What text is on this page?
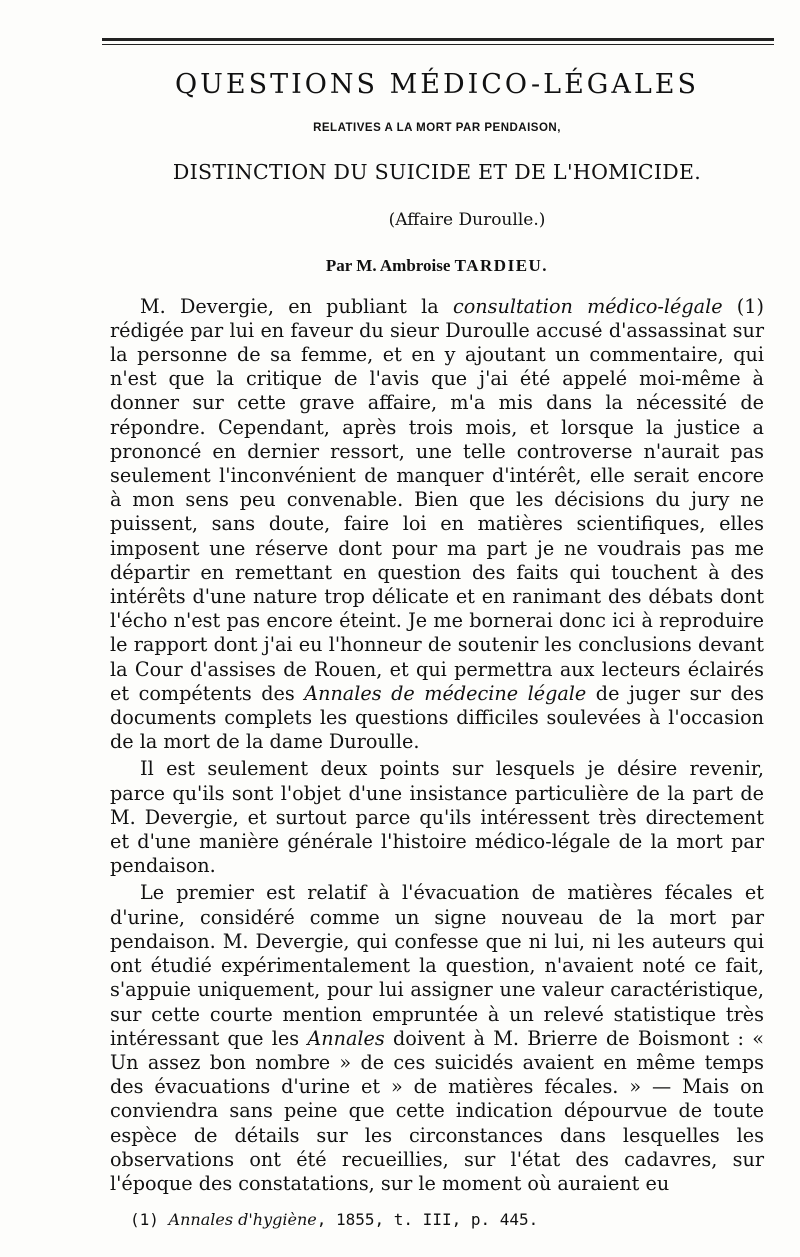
QUESTIONS MÉDICO-LÉGALES
RELATIVES A LA MORT PAR PENDAISON,
DISTINCTION DU SUICIDE ET DE L'HOMICIDE.
(Affaire Duroulle.)
Par M. Ambroise TARDIEU.

M. Devergie, en publiant la consultation médico-légale (1) rédigée par lui en faveur du sieur Duroulle accusé d'assassinat sur la personne de sa femme, et en y ajoutant un commentaire, qui n'est que la critique de l'avis que j'ai été appelé moi-même à donner sur cette grave affaire, m'a mis dans la nécessité de répondre. Cependant, après trois mois, et lorsque la justice a prononcé en dernier ressort, une telle controverse n'aurait pas seulement l'inconvénient de manquer d'intérêt, elle serait encore à mon sens peu convenable. Bien que les décisions du jury ne puissent, sans doute, faire loi en matières scientifiques, elles imposent une réserve dont pour ma part je ne voudrais pas me départir en remettant en question des faits qui touchent à des intérêts d'une nature trop délicate et en ranimant des débats dont l'écho n'est pas encore éteint. Je me bornerai donc ici à reproduire le rapport dont j'ai eu l'honneur de soutenir les conclusions devant la Cour d'assises de Rouen, et qui permettra aux lecteurs éclairés et compétents des Annales de médecine légale de juger sur des documents complets les questions difficiles soulevées à l'occasion de la mort de la dame Duroulle.

Il est seulement deux points sur lesquels je désire revenir, parce qu'ils sont l'objet d'une insistance particulière de la part de M. Devergie, et surtout parce qu'ils intéressent très directement et d'une manière générale l'histoire médico-légale de la mort par pendaison.

Le premier est relatif à l'évacuation de matières fécales et d'urine, considéré comme un signe nouveau de la mort par pendaison. M. Devergie, qui confesse que ni lui, ni les auteurs qui ont étudié expérimentalement la question, n'avaient noté ce fait, s'appuie uniquement, pour lui assigner une valeur caractéristique, sur cette courte mention empruntée à un relevé statistique très intéressant que les Annales doivent à M. Brierre de Boismont : « Un assez bon nombre » de ces suicidés avaient en même temps des évacuations d'urine et » de matières fécales. » — Mais on conviendra sans peine que cette indication dépourvue de toute espèce de détails sur les circonstances dans lesquelles les observations ont été recueillies, sur l'état des cadavres, sur l'époque des constatations, sur le moment où auraient eu

(1) Annales d'hygiène, 1855, t. III, p. 445.
